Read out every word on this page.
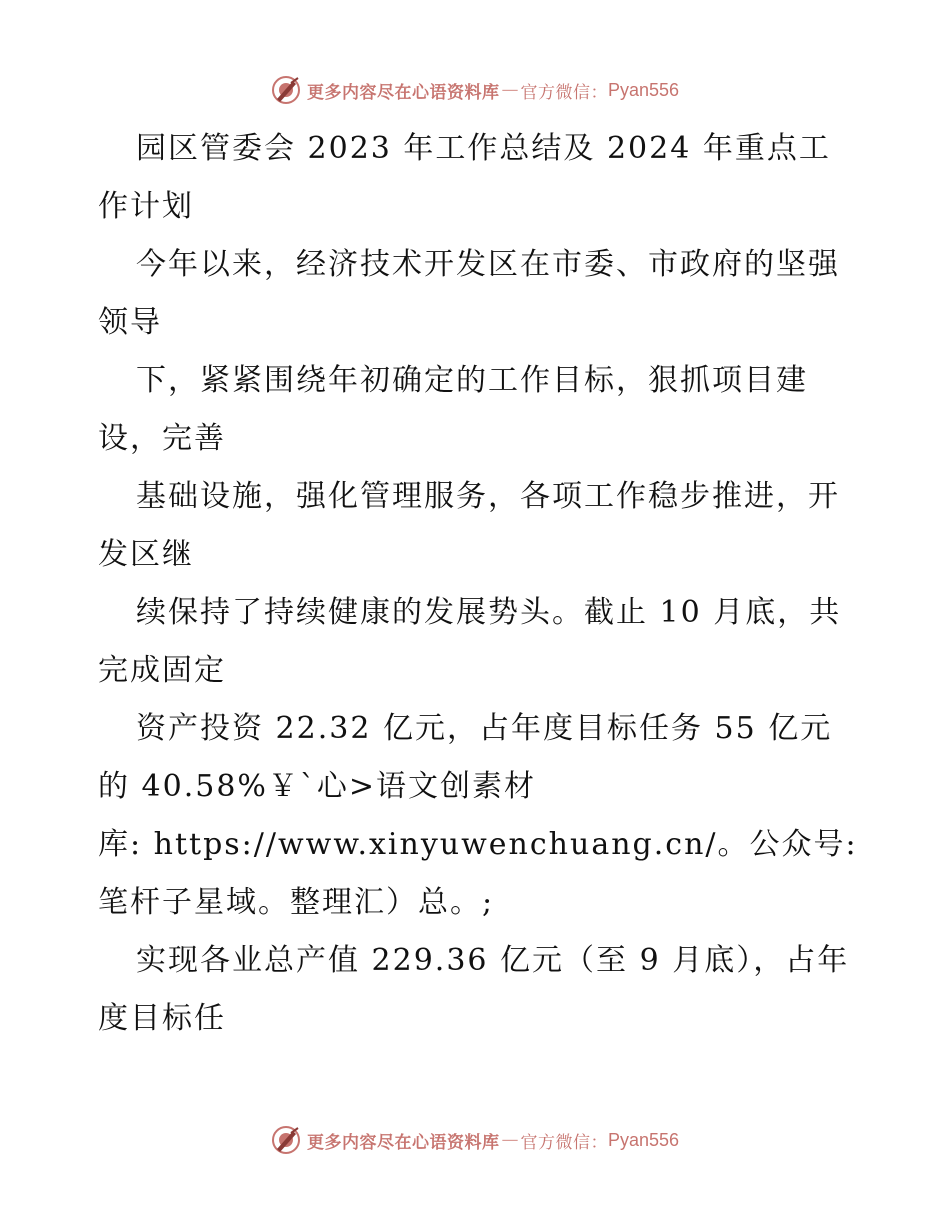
更多内容尽在心语资料库 — 官方微信： Pyan556

园区管委会 2023 年工作总结及 2024 年重点工作计划

今年以来，经济技术开发区在市委、市政府的坚强领导

下，紧紧围绕年初确定的工作目标，狠抓项目建设，完善

基础设施，强化管理服务，各项工作稳步推进，开发区继

续保持了持续健康的发展势头。截止 10 月底，共完成固定

资产投资 22.32 亿元，占年度目标任务 55 亿元的 40.58%￥`心>语文创素材

库: https://www.xinyuwenchuang.cn/。公众号:笔杆子星域。整理汇）总。;

实现各业总产值 229.36 亿元（至 9 月底），占年度目标任

更多内容尽在心语资料库 — 官方微信： Pyan556
